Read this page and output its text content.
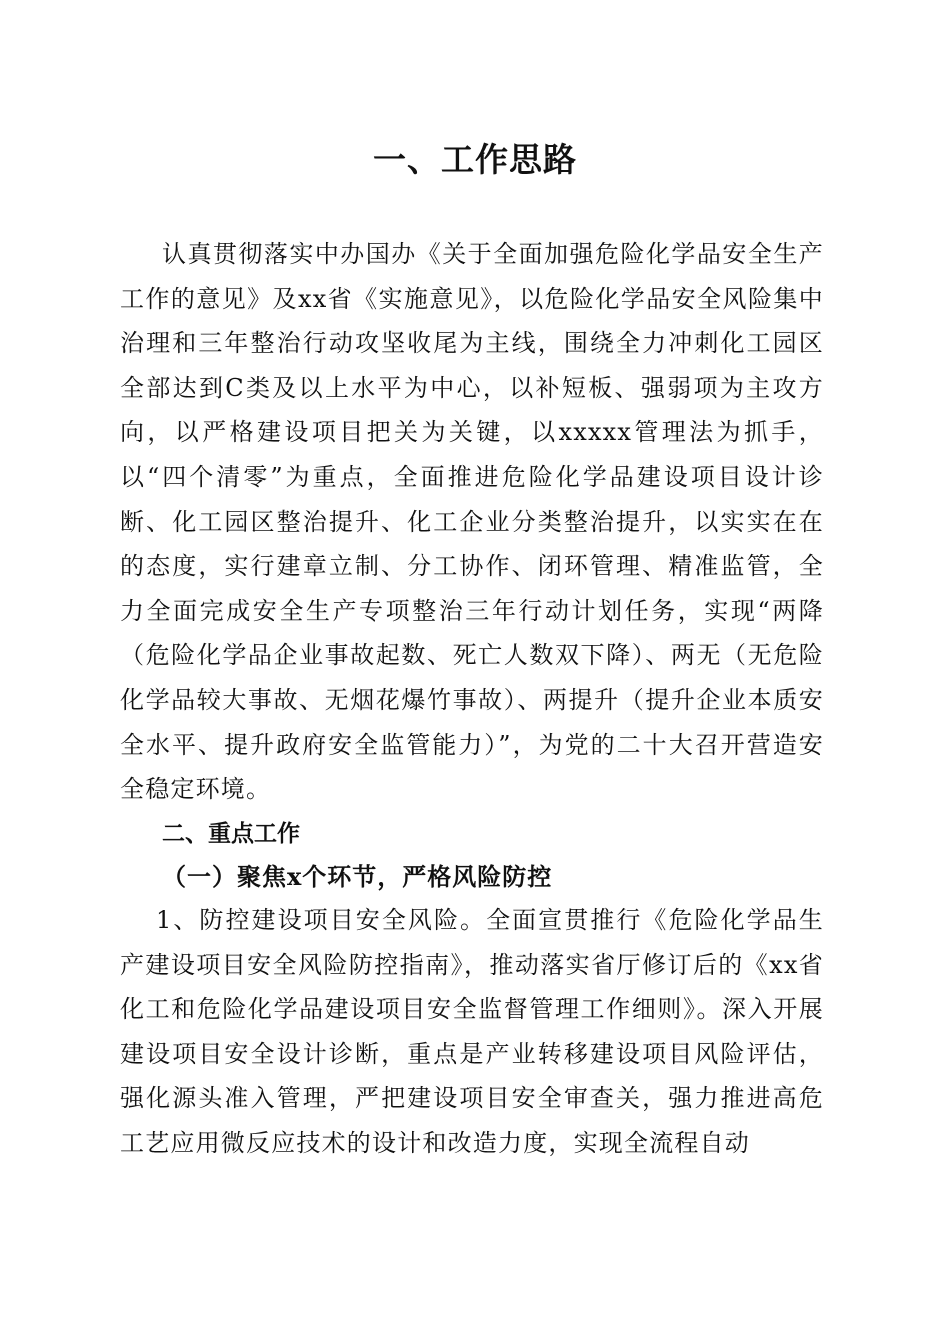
一、工作思路

认真贯彻落实中办国办《关于全面加强危险化学品安全生产工作的意见》及xx省《实施意见》，以危险化学品安全风险集中治理和三年整治行动攻坚收尾为主线，围绕全力冲刺化工园区全部达到C类及以上水平为中心，以补短板、强弱项为主攻方向，以严格建设项目把关为关键，以xxxxx管理法为抓手，以“四个清零”为重点，全面推进危险化学品建设项目设计诊断、化工园区整治提升、化工企业分类整治提升，以实实在在的态度，实行建章立制、分工协作、闭环管理、精准监管，全力全面完成安全生产专项整治三年行动计划任务，实现“两降（危险化学品企业事故起数、死亡人数双下降）、两无（无危险化学品较大事故、无烟花爆竹事故）、两提升（提升企业本质安全水平、提升政府安全监管能力）”，为党的二十大召开营造安全稳定环境。

二、重点工作
（一）聚焦x个环节，严格风险防控

1、防控建设项目安全风险。全面宣贯推行《危险化学品生产建设项目安全风险防控指南》，推动落实省厅修订后的《xx省化工和危险化学品建设项目安全监督管理工作细则》。深入开展建设项目安全设计诊断，重点是产业转移建设项目风险评估，强化源头准入管理，严把建设项目安全审查关，强力推进高危工艺应用微反应技术的设计和改造力度，实现全流程自动
